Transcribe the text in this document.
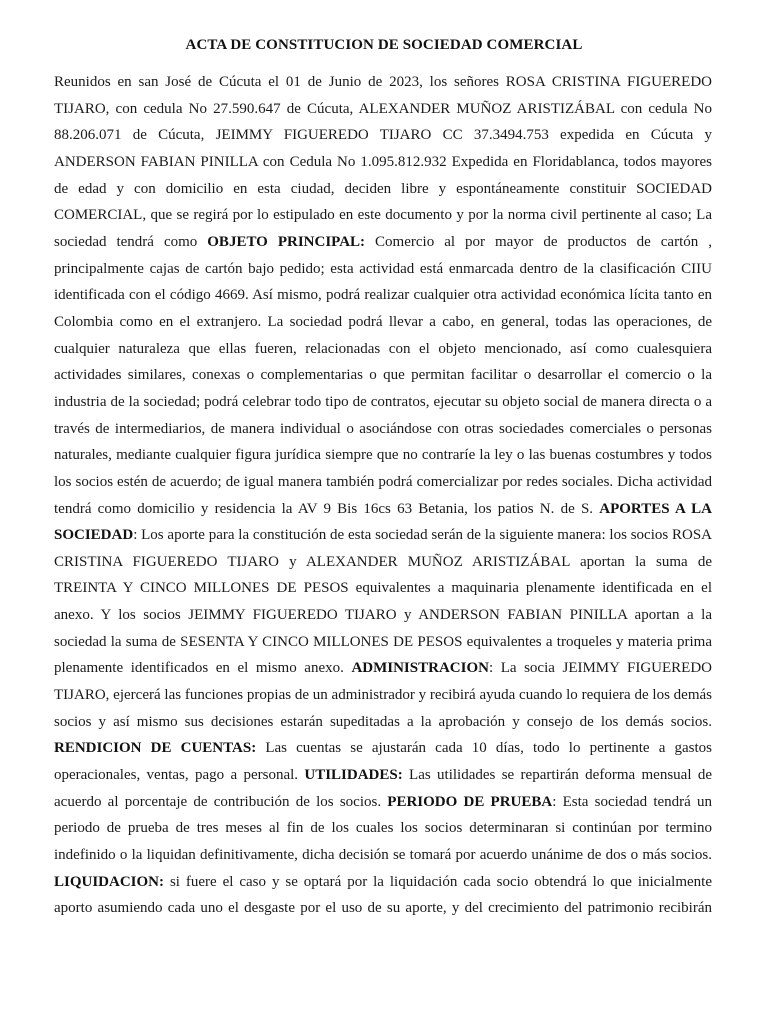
ACTA DE CONSTITUCION DE SOCIEDAD COMERCIAL

Reunidos en san José de Cúcuta el 01 de Junio de 2023, los señores ROSA CRISTINA FIGUEREDO TIJARO, con cedula No 27.590.647 de Cúcuta, ALEXANDER MUÑOZ ARISTIZÁBAL con cedula No 88.206.071 de Cúcuta, JEIMMY FIGUEREDO TIJARO CC 37.3494.753 expedida en Cúcuta y ANDERSON FABIAN PINILLA con Cedula No 1.095.812.932 Expedida en Floridablanca, todos mayores de edad y con domicilio en esta ciudad, deciden libre y espontáneamente constituir SOCIEDAD COMERCIAL, que se regirá por lo estipulado en este documento y por la norma civil pertinente al caso; La sociedad tendrá como OBJETO PRINCIPAL: Comercio al por mayor de productos de cartón , principalmente cajas de cartón bajo pedido; esta actividad está enmarcada dentro de la clasificación CIIU identificada con el código 4669. Así mismo, podrá realizar cualquier otra actividad económica lícita tanto en Colombia como en el extranjero. La sociedad podrá llevar a cabo, en general, todas las operaciones, de cualquier naturaleza que ellas fueren, relacionadas con el objeto mencionado, así como cualesquiera actividades similares, conexas o complementarias o que permitan facilitar o desarrollar el comercio o la industria de la sociedad; podrá celebrar todo tipo de contratos, ejecutar su objeto social de manera directa o a través de intermediarios, de manera individual o asociándose con otras sociedades comerciales o personas naturales, mediante cualquier figura jurídica siempre que no contraríe la ley o las buenas costumbres y todos los socios estén de acuerdo; de igual manera también podrá comercializar por redes sociales. Dicha actividad tendrá como domicilio y residencia la AV 9 Bis 16cs 63 Betania, los patios N. de S. APORTES A LA SOCIEDAD: Los aporte para la constitución de esta sociedad serán de la siguiente manera: los socios ROSA CRISTINA FIGUEREDO TIJARO y ALEXANDER MUÑOZ ARISTIZÁBAL aportan la suma de TREINTA Y CINCO MILLONES DE PESOS equivalentes a maquinaria plenamente identificada en el anexo. Y los socios JEIMMY FIGUEREDO TIJARO y ANDERSON FABIAN PINILLA aportan a la sociedad la suma de SESENTA Y CINCO MILLONES DE PESOS equivalentes a troqueles y materia prima plenamente identificados en el mismo anexo. ADMINISTRACION: La socia JEIMMY FIGUEREDO TIJARO, ejercerá las funciones propias de un administrador y recibirá ayuda cuando lo requiera de los demás socios y así mismo sus decisiones estarán supeditadas a la aprobación y consejo de los demás socios. RENDICION DE CUENTAS: Las cuentas se ajustarán cada 10 días, todo lo pertinente a gastos operacionales, ventas, pago a personal. UTILIDADES: Las utilidades se repartirán deforma mensual de acuerdo al porcentaje de contribución de los socios. PERIODO DE PRUEBA: Esta sociedad tendrá un periodo de prueba de tres meses al fin de los cuales los socios determinaran si continúan por termino indefinido o la liquidan definitivamente, dicha decisión se tomará por acuerdo unánime de dos o más socios. LIQUIDACION: si fuere el caso y se optará por la liquidación cada socio obtendrá lo que inicialmente aporto asumiendo cada uno el desgaste por el uso de su aporte, y del crecimiento del patrimonio recibirán
